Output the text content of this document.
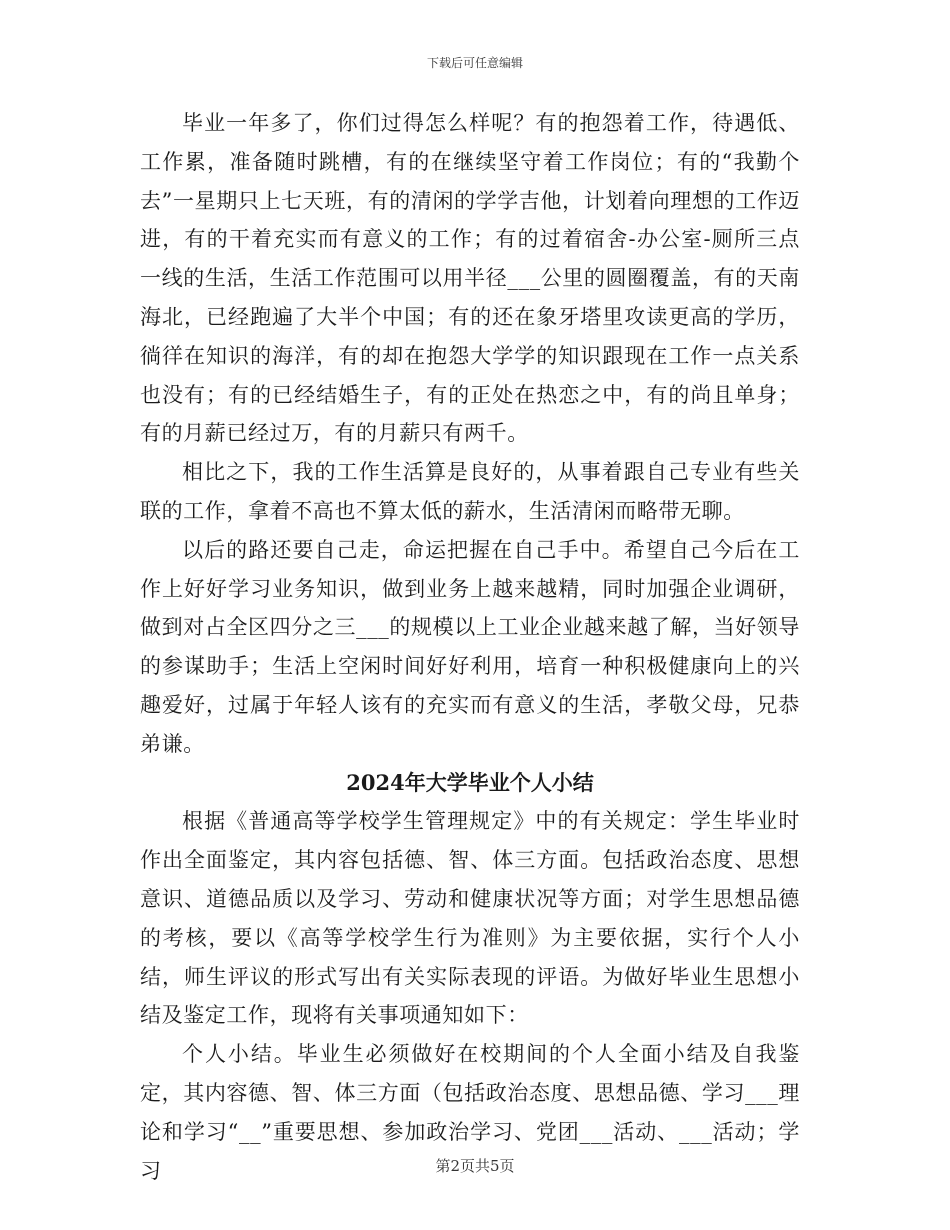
下载后可任意编辑

毕业一年多了，你们过得怎么样呢？有的抱怨着工作，待遇低、工作累，准备随时跳槽，有的在继续坚守着工作岗位；有的“我勤个去”一星期只上七天班，有的清闲的学学吉他，计划着向理想的工作迈进，有的干着充实而有意义的工作；有的过着宿舍-办公室-厕所三点一线的生活，生活工作范围可以用半径___公里的圆圈覆盖，有的天南海北，已经跑遍了大半个中国；有的还在象牙塔里攻读更高的学历，徜徉在知识的海洋，有的却在抱怨大学学的知识跟现在工作一点关系也没有；有的已经结婚生子，有的正处在热恋之中，有的尚且单身；有的月薪已经过万，有的月薪只有两千。

相比之下，我的工作生活算是良好的，从事着跟自己专业有些关联的工作，拿着不高也不算太低的薪水，生活清闲而略带无聊。

以后的路还要自己走，命运把握在自己手中。希望自己今后在工作上好好学习业务知识，做到业务上越来越精，同时加强企业调研，做到对占全区四分之三___的规模以上工业企业越来越了解，当好领导的参谋助手；生活上空闲时间好好利用，培育一种积极健康向上的兴趣爱好，过属于年轻人该有的充实而有意义的生活，孝敬父母，兄恭弟谦。

2024年大学毕业个人小结

根据《普通高等学校学生管理规定》中的有关规定：学生毕业时作出全面鉴定，其内容包括德、智、体三方面。包括政治态度、思想意识、道德品质以及学习、劳动和健康状况等方面；对学生思想品德的考核，要以《高等学校学生行为准则》为主要依据，实行个人小结，师生评议的形式写出有关实际表现的评语。为做好毕业生思想小结及鉴定工作，现将有关事项通知如下：

个人小结。毕业生必须做好在校期间的个人全面小结及自我鉴定，其内容德、智、体三方面（包括政治态度、思想品德、学习___理论和学习“__”重要思想、参加政治学习、党团___活动、___活动；学习	第2页共5页
